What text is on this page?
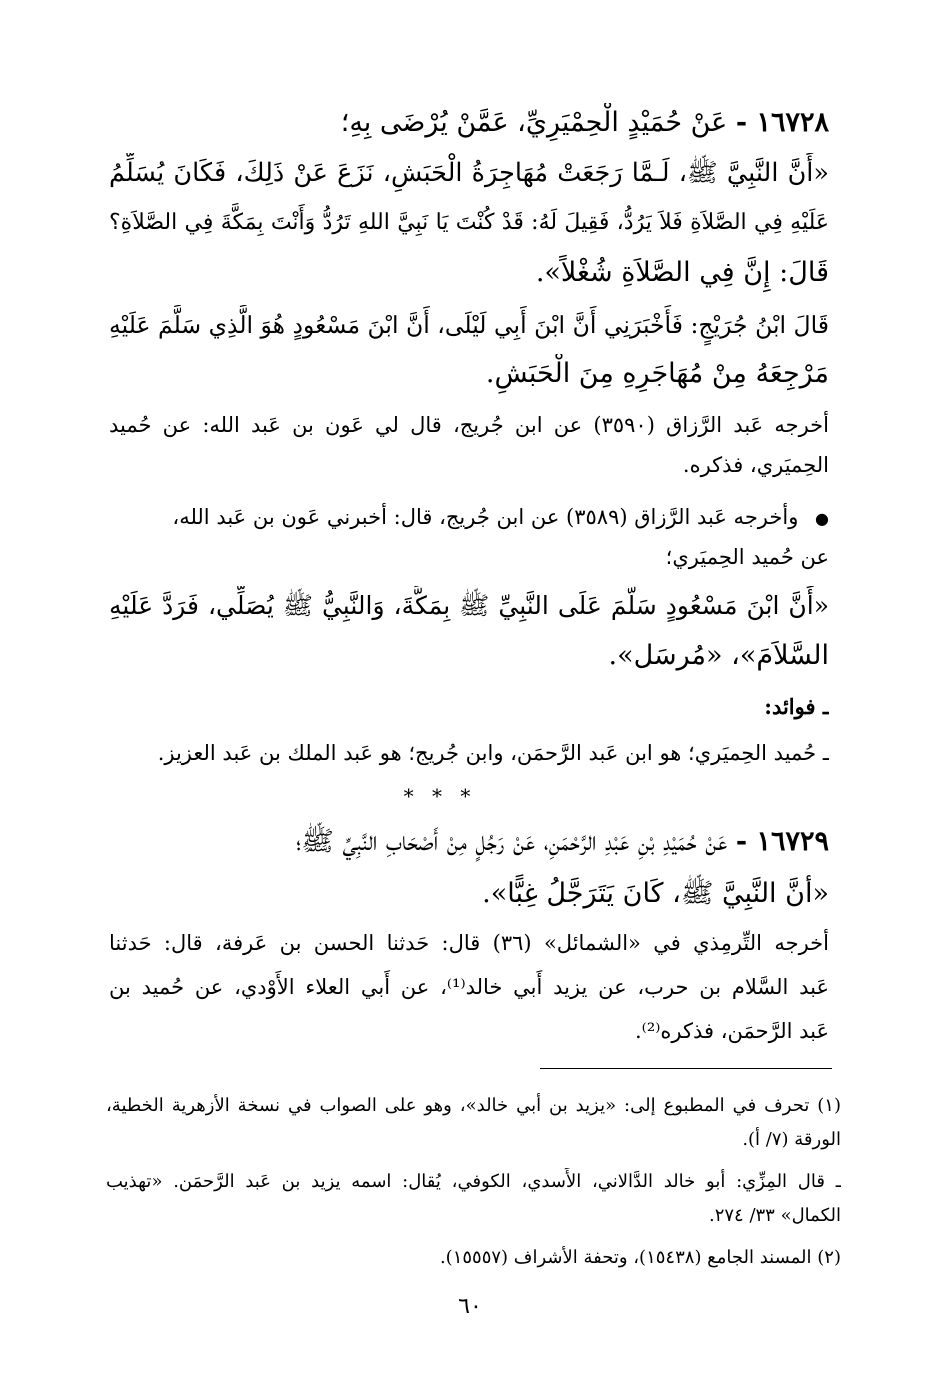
١٦٧٢٨ - عَنْ حُمَيْدٍ الْحِمْيَرِيِّ، عَمَّنْ يُرْضَى بِهِ؛
«أَنَّ النَّبِيَّ ﷺ، لَـمَّا رَجَعَتْ مُهَاجِرَةُ الْحَبَشِ، نَزَعَ عَنْ ذَلِكَ، فَكَانَ يُسَلِّمُ
عَلَيْهِ فِي الصَّلاَةِ فَلاَ يَرُدُّ، فَقِيلَ لَهُ: قَدْ كُنْتَ يَا نَبِيَّ اللهِ تَرُدُّ وَأَنْتَ بِمَكَّةَ فِي الصَّلاَةِ؟
قَالَ: إِنَّ فِي الصَّلاَةِ شُغْلاً».
قَالَ ابْنُ جُرَيْجٍ: فَأَخْبَرَنِي أَنَّ ابْنَ أَبِي لَيْلَى، أَنَّ ابْنَ مَسْعُودٍ هُوَ الَّذِي سَلَّمَ عَلَيْهِ
مَرْجِعَهُ مِنْ مُهَاجَرِهِ مِنَ الْحَبَشِ.
أخرجه عَبد الرَّزاق (٣٥٩٠) عن ابن جُريج، قال لي عَون بن عَبد الله: عن حُميد
الحِميَري، فذكره.
● وأخرجه عَبد الرَّزاق (٣٥٨٩) عن ابن جُريج، قال: أخبرني عَون بن عَبد الله،
عن حُميد الحِميَري؛
«أَنَّ ابْنَ مَسْعُودٍ سَلَّمَ عَلَى النَّبِيِّ ﷺ بِمَكَّةَ، وَالنَّبِيُّ ﷺ يُصَلِّي، فَرَدَّ عَلَيْهِ
السَّلاَمَ»، «مُرسَل».
ـ فوائد:
ـ حُميد الحِميَري؛ هو ابن عَبد الرَّحمَن، وابن جُريج؛ هو عَبد الملك بن عَبد العزيز.
* * *
١٦٧٢٩ - عَنْ حُمَيْدِ بْنِ عَبْدِ الرَّحْمَنِ، عَنْ رَجُلٍ مِنْ أَصْحَابِ النَّبِيِّ ﷺ؛
«أَنَّ النَّبِيَّ ﷺ، كَانَ يَتَرَجَّلُ غِبًّا».
أخرجه التِّرمِذي في «الشمائل» (٣٦) قال: حَدثنا الحسن بن عَرفة، قال: حَدثنا
عَبد السَّلام بن حرب، عن يزيد أَبي خالد⁽¹⁾، عن أَبي العلاء الأَوْدي، عن حُميد بن
عَبد الرَّحمَن، فذكره⁽²⁾.
(١) تحرف في المطبوع إلى: «يزيد بن أبي خالد»، وهو على الصواب في نسخة الأزهرية الخطية،
الورقة (٧/ أ).
ـ قال المِزِّي: أبو خالد الدَّالاني، الأَسدي، الكوفي، يُقال: اسمه يزيد بن عَبد الرَّحمَن. «تهذيب
الكمال» ٣٣/ ٢٧٤.
(٢) المسند الجامع (١٥٤٣٨)، وتحفة الأشراف (١٥٥٥٧).
٦٠
